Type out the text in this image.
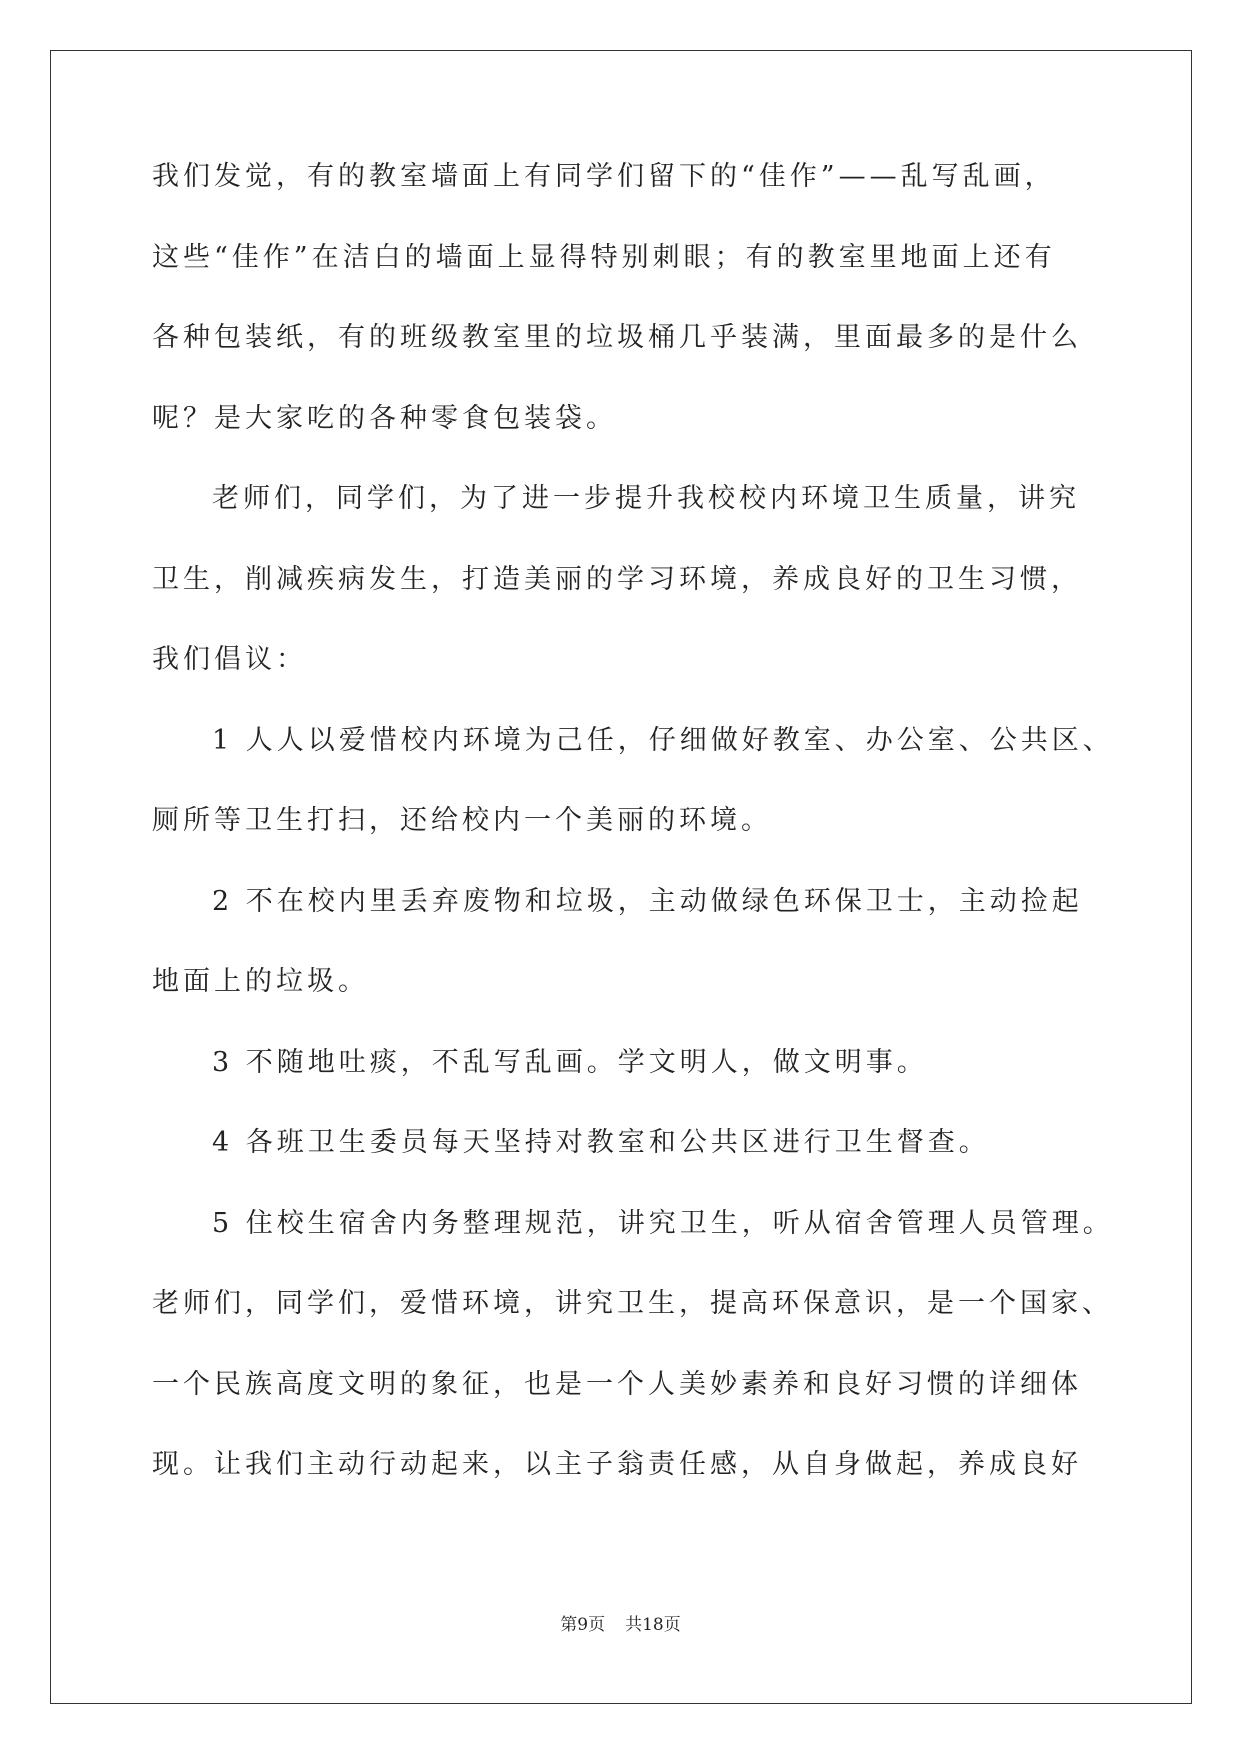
我们发觉，有的教室墙面上有同学们留下的“佳作”——乱写乱画，
这些“佳作”在洁白的墙面上显得特别刺眼；有的教室里地面上还有
各种包装纸，有的班级教室里的垃圾桶几乎装满，里面最多的是什么
呢？是大家吃的各种零食包装袋。
老师们，同学们，为了进一步提升我校校内环境卫生质量，讲究
卫生，削减疾病发生，打造美丽的学习环境，养成良好的卫生习惯，
我们倡议：
1 人人以爱惜校内环境为己任，仔细做好教室、办公室、公共区、
厕所等卫生打扫，还给校内一个美丽的环境。
2 不在校内里丢弃废物和垃圾，主动做绿色环保卫士，主动捡起
地面上的垃圾。
3 不随地吐痰，不乱写乱画。学文明人，做文明事。
4 各班卫生委员每天坚持对教室和公共区进行卫生督查。
5 住校生宿舍内务整理规范，讲究卫生，听从宿舍管理人员管理。
老师们，同学们，爱惜环境，讲究卫生，提高环保意识，是一个国家、
一个民族高度文明的象征，也是一个人美妙素养和良好习惯的详细体
现。让我们主动行动起来，以主子翁责任感，从自身做起，养成良好
第9页 共18页
